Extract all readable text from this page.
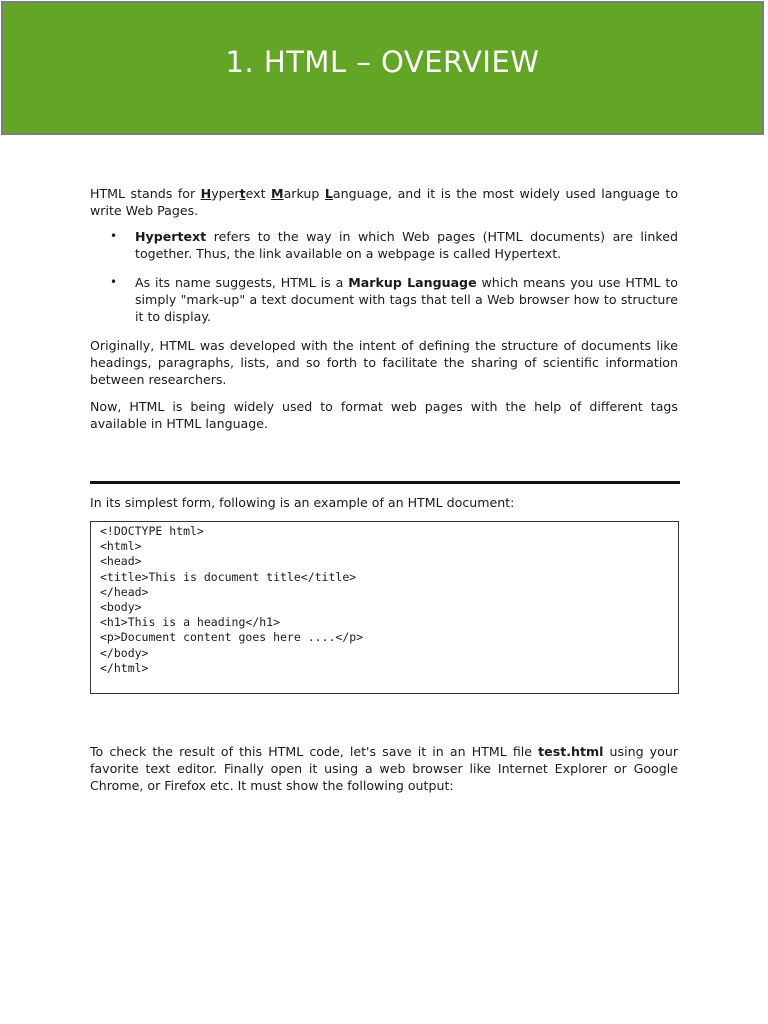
1. HTML – OVERVIEW

HTML stands for Hypertext Markup Language, and it is the most widely used language to write Web Pages.

• Hypertext refers to the way in which Web pages (HTML documents) are linked together. Thus, the link available on a webpage is called Hypertext.
• As its name suggests, HTML is a Markup Language which means you use HTML to simply "mark-up" a text document with tags that tell a Web browser how to structure it to display.

Originally, HTML was developed with the intent of defining the structure of documents like headings, paragraphs, lists, and so forth to facilitate the sharing of scientific information between researchers.

Now, HTML is being widely used to format web pages with the help of different tags available in HTML language.

In its simplest form, following is an example of an HTML document:

<!DOCTYPE html>
<html>
<head>
<title>This is document title</title>
</head>
<body>
<h1>This is a heading</h1>
<p>Document content goes here ....</p>
</body>
</html>

To check the result of this HTML code, let's save it in an HTML file test.html using your favorite text editor. Finally open it using a web browser like Internet Explorer or Google Chrome, or Firefox etc. It must show the following output:
